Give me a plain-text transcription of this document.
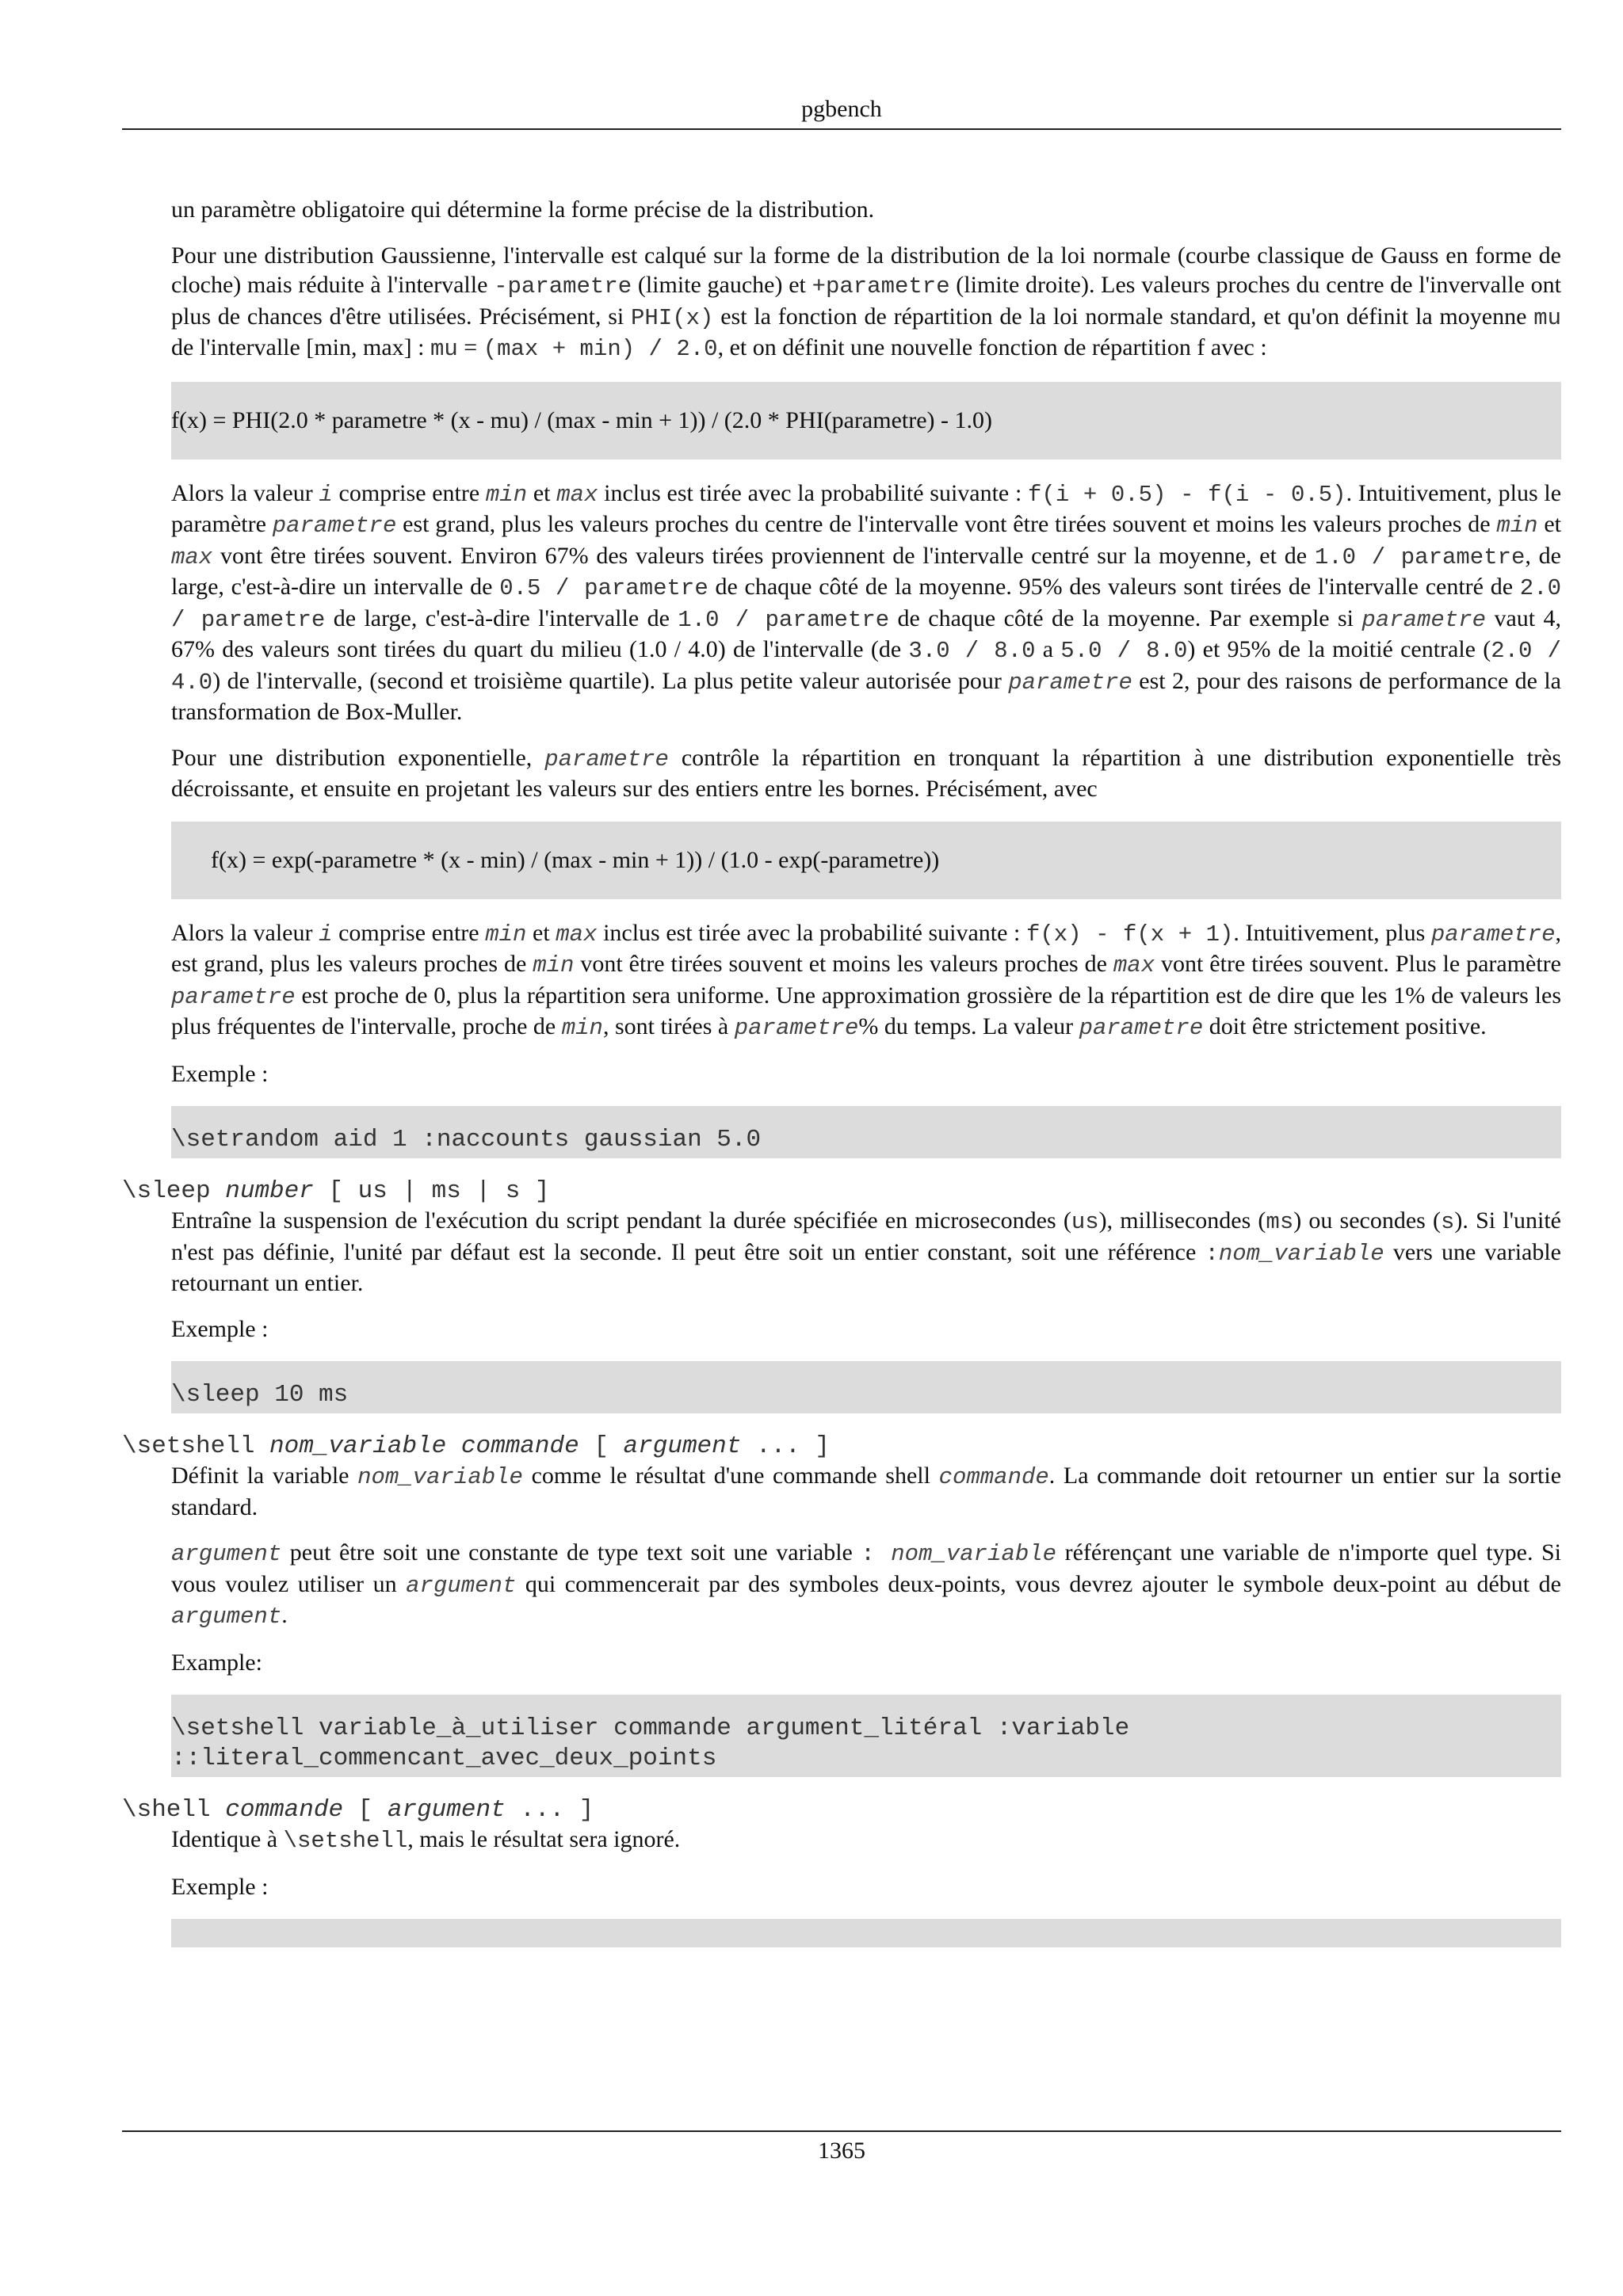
pgbench

un paramètre obligatoire qui détermine la forme précise de la distribution.

Pour une distribution Gaussienne, l'intervalle est calqué sur la forme de la distribution de la loi normale (courbe classique de Gauss en forme de cloche) mais réduite à l'intervalle -parametre (limite gauche) et +parametre (limite droite). Les valeurs proches du centre de l'invervalle ont plus de chances d'être utilisées. Précisément, si PHI(x) est la fonction de répartition de la loi normale standard, et qu'on définit la moyenne mu de l'intervalle [min, max] : mu = (max + min) / 2.0, et on définit une nouvelle fonction de répartition f avec :

f(x) = PHI(2.0 * parametre * (x - mu) / (max - min + 1)) / (2.0 * PHI(parametre) - 1.0)

Alors la valeur i comprise entre min et max inclus est tirée avec la probabilité suivante : f(i + 0.5) - f(i - 0.5). Intuitivement, plus le paramètre parametre est grand, plus les valeurs proches du centre de l'intervalle vont être tirées souvent et moins les valeurs proches de min et max vont être tirées souvent. Environ 67% des valeurs tirées proviennent de l'intervalle centré sur la moyenne, et de 1.0 / parametre, de large, c'est-à-dire un intervalle de 0.5 / parametre de chaque côté de la moyenne. 95% des valeurs sont tirées de l'intervalle centré de 2.0 / parametre de large, c'est-à-dire l'intervalle de 1.0 / parametre de chaque côté de la moyenne. Par exemple si parametre vaut 4, 67% des valeurs sont tirées du quart du milieu (1.0 / 4.0) de l'intervalle (de 3.0 / 8.0 a 5.0 / 8.0) et 95% de la moitié centrale (2.0 / 4.0) de l'intervalle, (second et troisième quartile). La plus petite valeur autorisée pour parametre est 2, pour des raisons de performance de la transformation de Box-Muller.

Pour une distribution exponentielle, parametre contrôle la répartition en tronquant la répartition à une distribution exponentielle très décroissante, et ensuite en projetant les valeurs sur des entiers entre les bornes. Précisément, avec

f(x) = exp(-parametre * (x - min) / (max - min + 1)) / (1.0 - exp(-parametre))

Alors la valeur i comprise entre min et max inclus est tirée avec la probabilité suivante : f(x) - f(x + 1). Intuitivement, plus parametre, est grand, plus les valeurs proches de min vont être tirées souvent et moins les valeurs proches de max vont être tirées souvent. Plus le paramètre parametre est proche de 0, plus la répartition sera uniforme. Une approximation grossière de la répartition est de dire que les 1% de valeurs les plus fréquentes de l'intervalle, proche de min, sont tirées à parametre% du temps. La valeur parametre doit être strictement positive.

Exemple :

\setrandom aid 1 :naccounts gaussian 5.0
\sleep number [ us | ms | s ]

Entraîne la suspension de l'exécution du script pendant la durée spécifiée en microsecondes (us), millisecondes (ms) ou secondes (s). Si l'unité n'est pas définie, l'unité par défaut est la seconde. Il peut être soit un entier constant, soit une référence :nom_variable vers une variable retournant un entier.

Exemple :

\sleep 10 ms
\setshell nom_variable commande [ argument ... ]

Définit la variable nom_variable comme le résultat d'une commande shell commande. La commande doit retourner un entier sur la sortie standard.

argument peut être soit une constante de type text soit une variable : nom_variable référençant une variable de n'importe quel type. Si vous voulez utiliser un argument qui commencerait par des symboles deux-points, vous devrez ajouter le symbole deux-point au début de argument.

Example:

\setshell variable_à_utiliser commande argument_litéral :variable
::literal_commencant_avec_deux_points
\shell commande [ argument ... ]

Identique à \setshell, mais le résultat sera ignoré.

Exemple :

1365
